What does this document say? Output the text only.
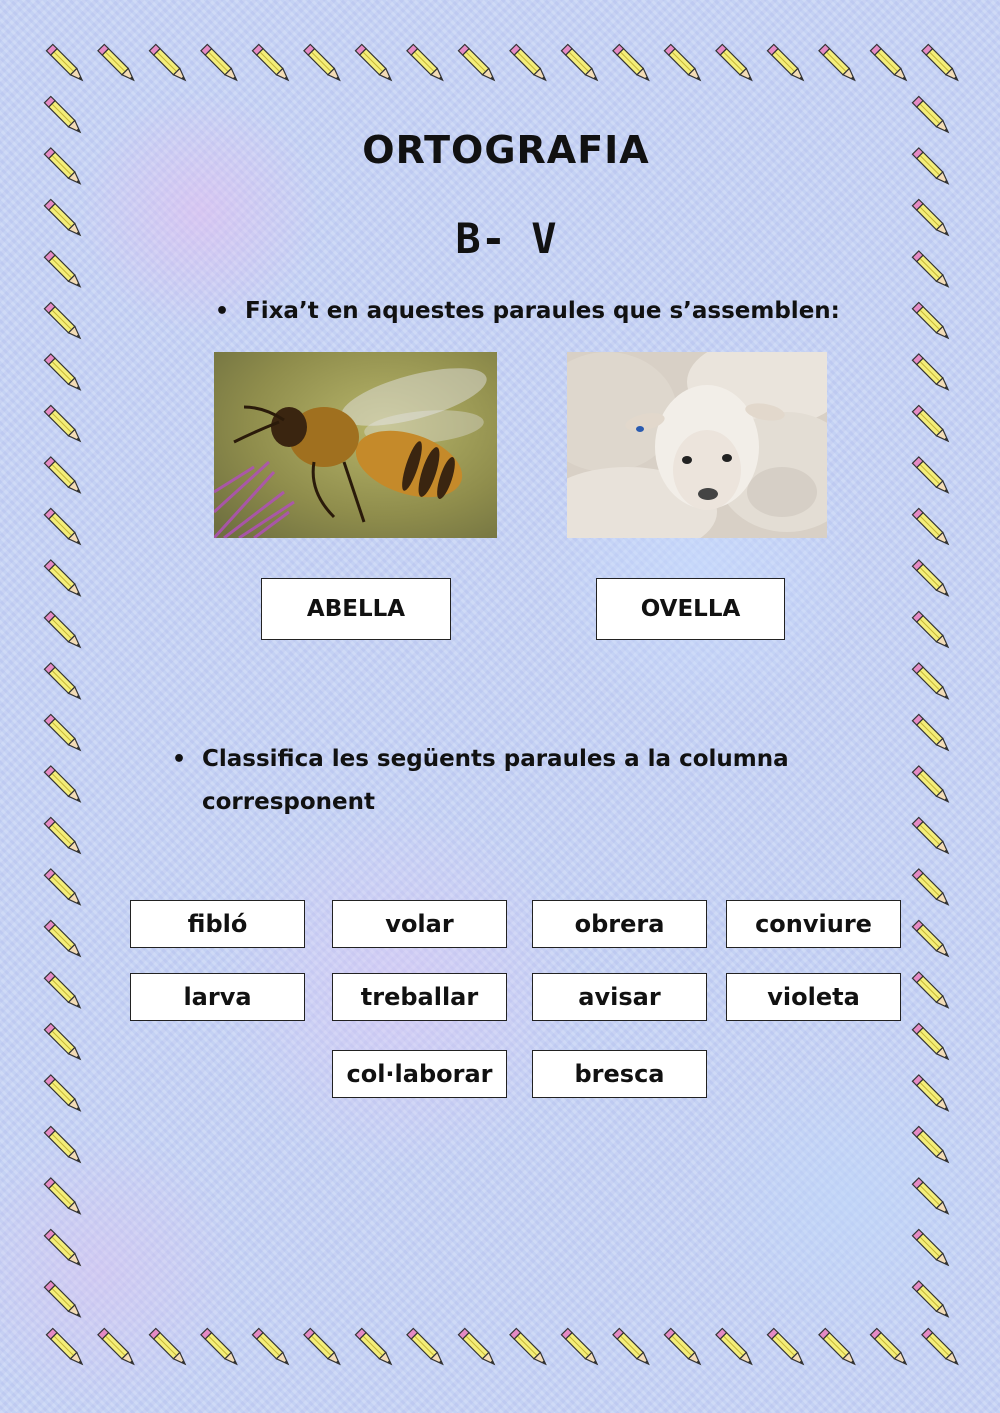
ORTOGRAFIA
B- V
• Fixa’t en aquestes paraules que s’assemblen:
ABELLA	OVELLA
• Classifica les següents paraules a la columna
corresponent
fibló	volar	obrera	conviure
larva	treballar	avisar	violeta
col·laborar	bresca
